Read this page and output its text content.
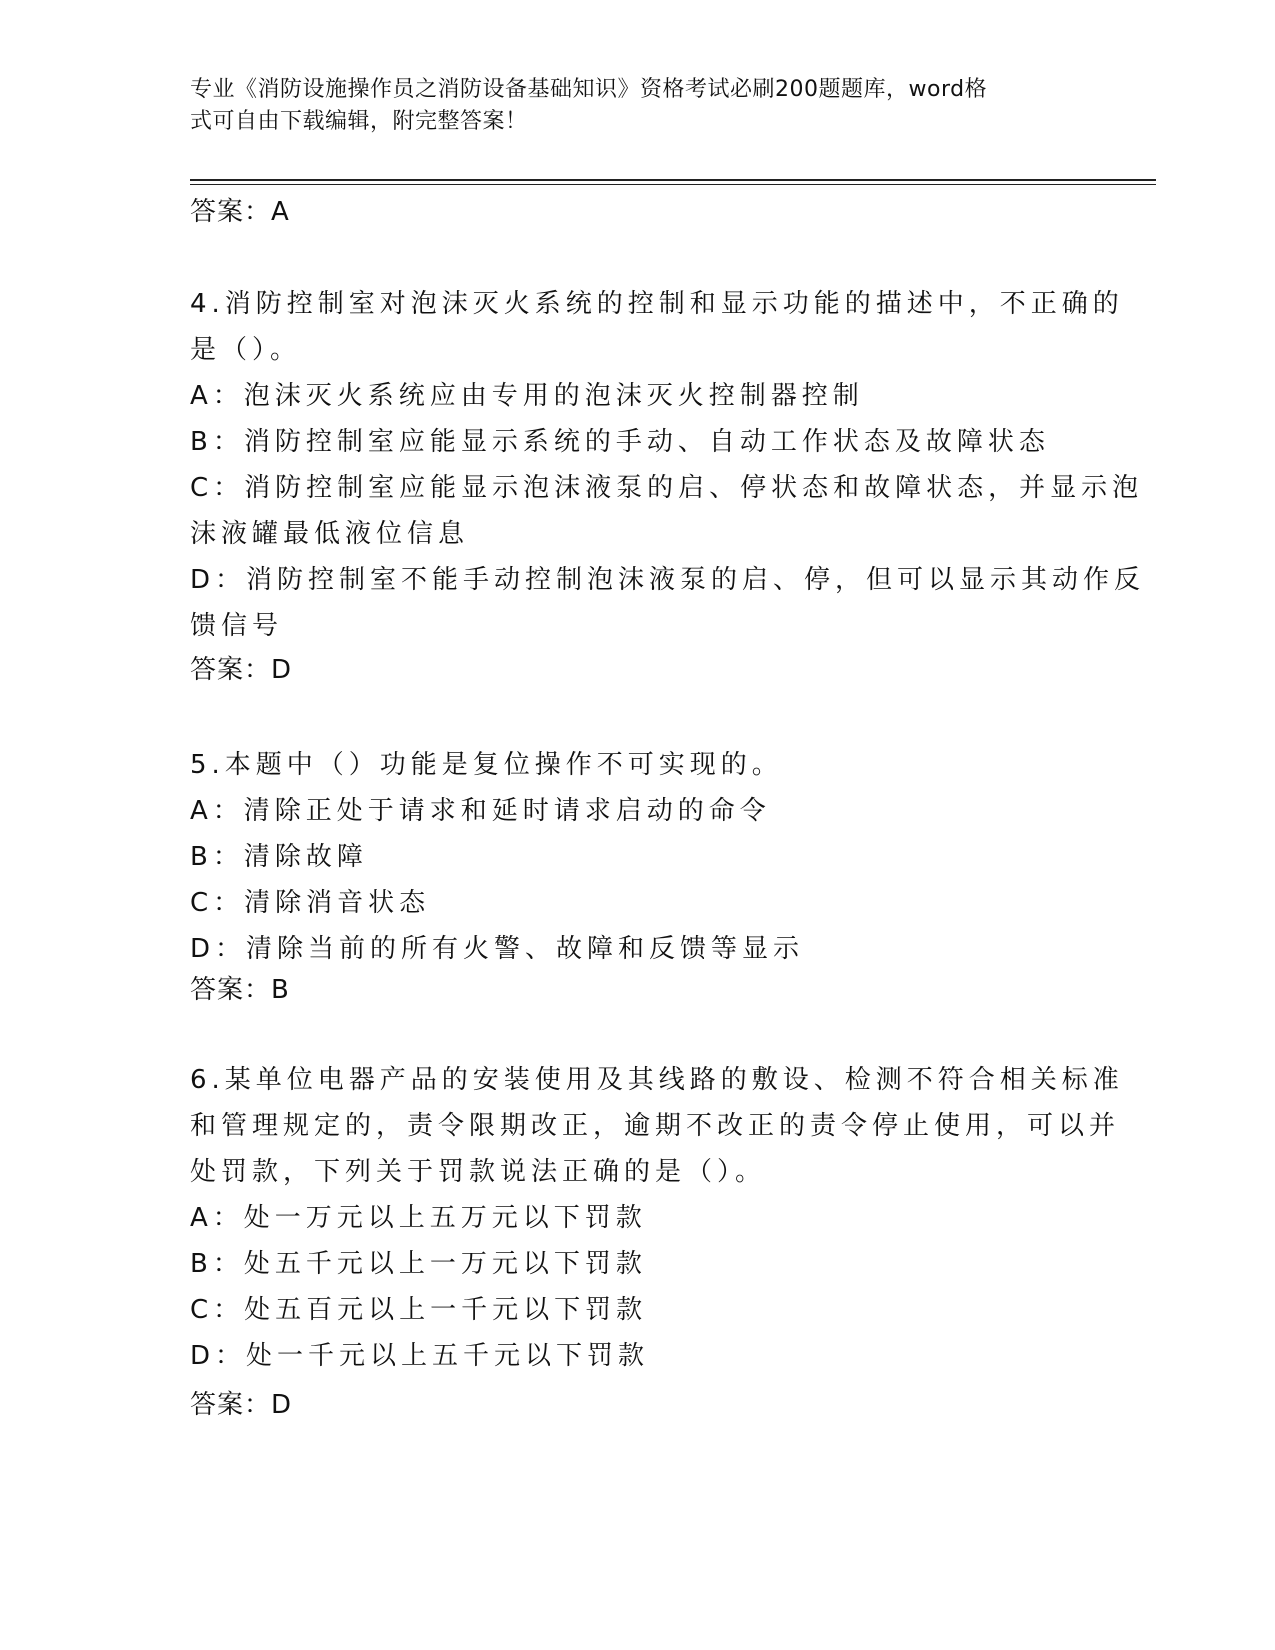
专业《消防设施操作员之消防设备基础知识》资格考试必刷200题题库，word格
式可自由下载编辑，附完整答案！

答案：A

4.消防控制室对泡沫灭火系统的控制和显示功能的描述中，不正确的
是（）。
A：泡沫灭火系统应由专用的泡沫灭火控制器控制
B：消防控制室应能显示系统的手动、自动工作状态及故障状态
C：消防控制室应能显示泡沫液泵的启、停状态和故障状态，并显示泡
沫液罐最低液位信息
D：消防控制室不能手动控制泡沫液泵的启、停，但可以显示其动作反
馈信号

答案：D

5.本题中（）功能是复位操作不可实现的。
A：清除正处于请求和延时请求启动的命令
B：清除故障
C：清除消音状态
D：清除当前的所有火警、故障和反馈等显示

答案：B

6.某单位电器产品的安装使用及其线路的敷设、检测不符合相关标准
和管理规定的，责令限期改正，逾期不改正的责令停止使用，可以并
处罚款，下列关于罚款说法正确的是（）。
A：处一万元以上五万元以下罚款
B：处五千元以上一万元以下罚款
C：处五百元以上一千元以下罚款
D：处一千元以上五千元以下罚款

答案：D
